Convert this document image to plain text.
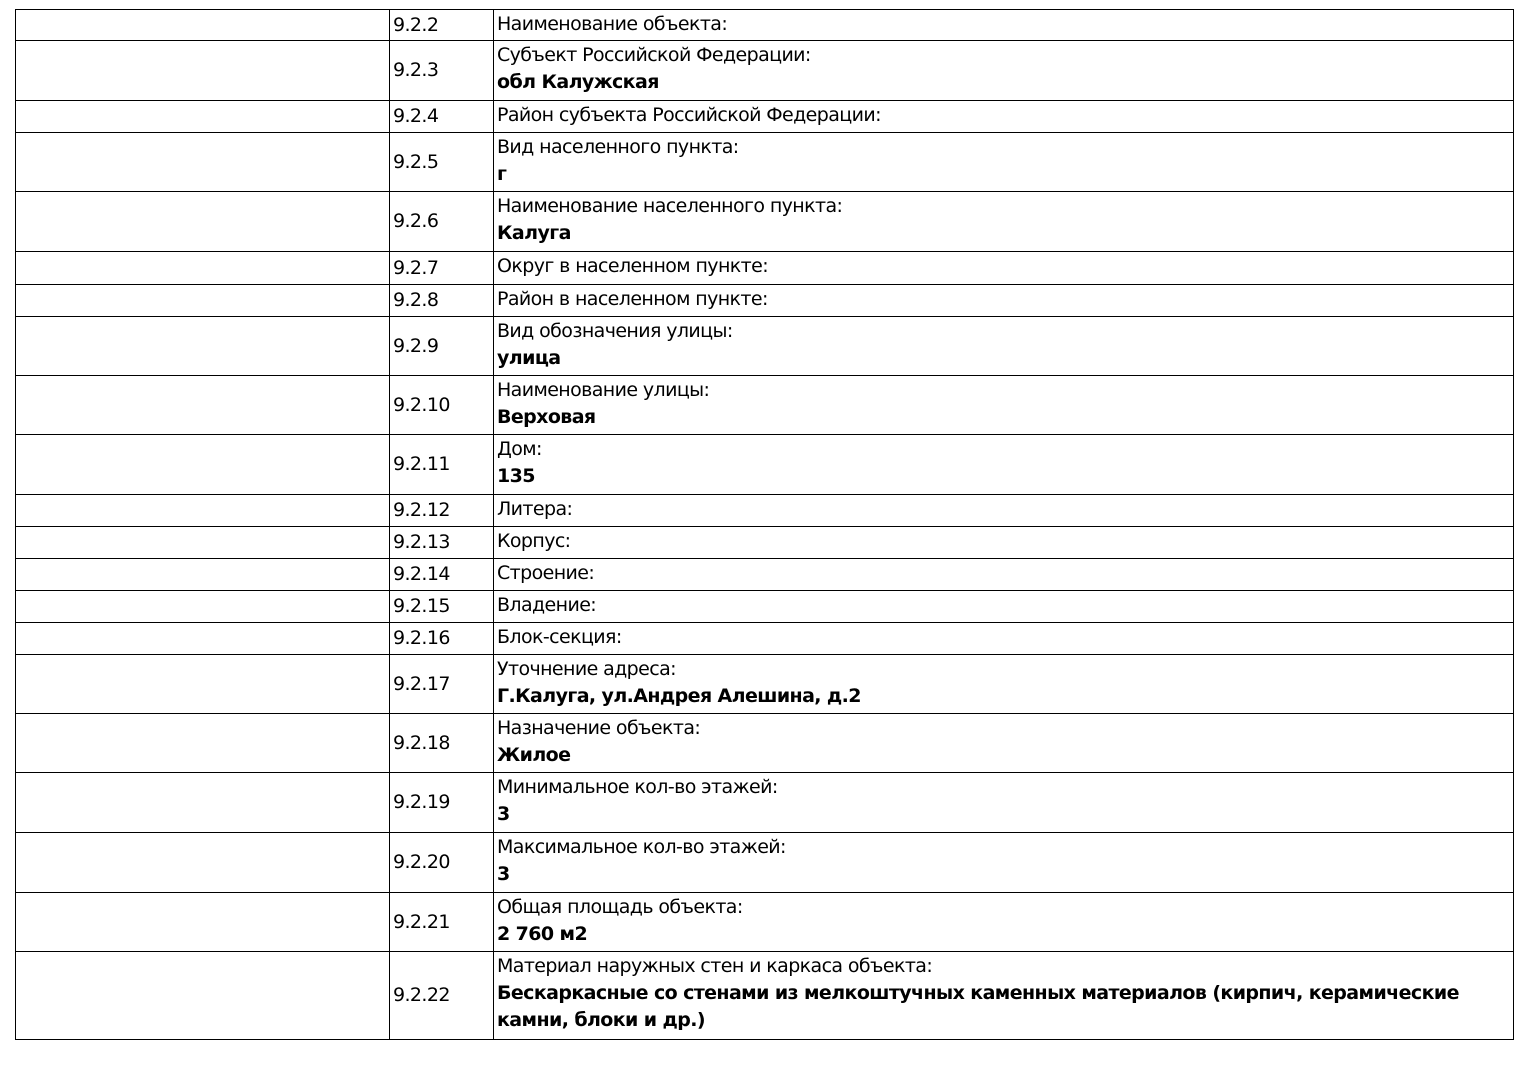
	9.2.2	Наименование объекта:

	9.2.3	Субъект Российской Федерации:
обл Калужская

	9.2.4	Район субъекта Российской Федерации:

	9.2.5	Вид населенного пункта:
г

	9.2.6	Наименование населенного пункта:
Калуга

	9.2.7	Округ в населенном пункте:

	9.2.8	Район в населенном пункте:

	9.2.9	Вид обозначения улицы:
улица

	9.2.10	Наименование улицы:
Верховая

	9.2.11	Дом:
135

	9.2.12	Литера:

	9.2.13	Корпус:

	9.2.14	Строение:

	9.2.15	Владение:

	9.2.16	Блок-секция:

	9.2.17	Уточнение адреса:
Г.Калуга, ул.Андрея Алешина, д.2

	9.2.18	Назначение объекта:
Жилое

	9.2.19	Минимальное кол-во этажей:
3

	9.2.20	Максимальное кол-во этажей:
3

	9.2.21	Общая площадь объекта:
2 760 м2

	9.2.22	Материал наружных стен и каркаса объекта:
Бескаркасные со стенами из мелкоштучных каменных материалов (кирпич, керамические камни, блоки и др.)
